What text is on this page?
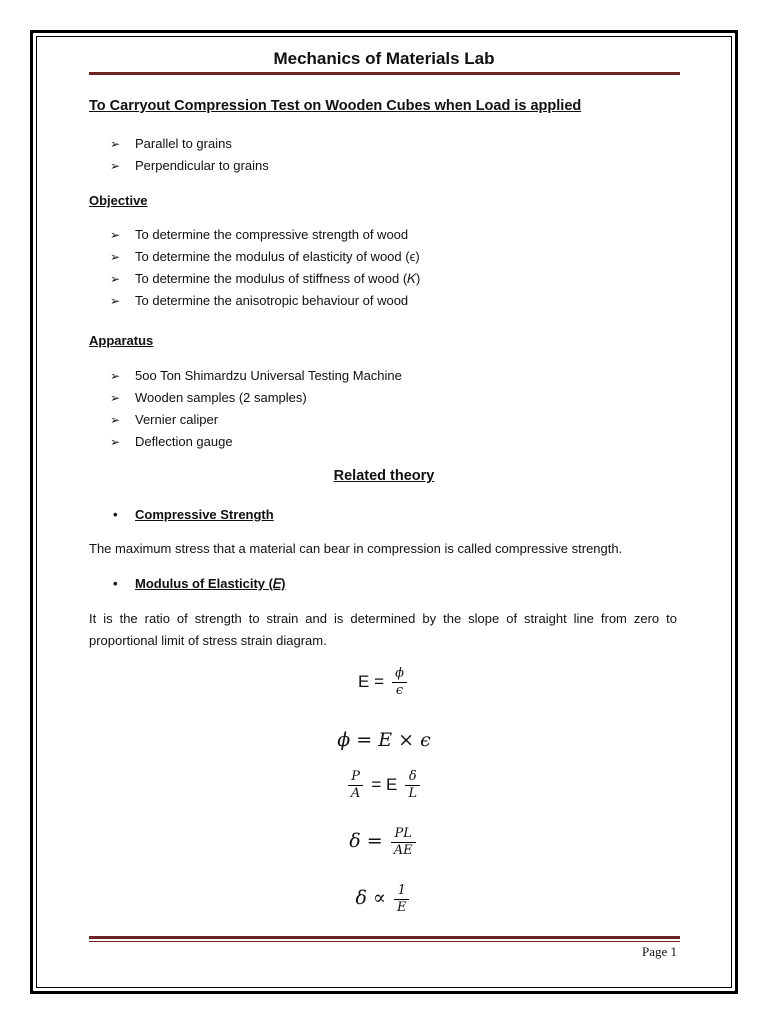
Mechanics of Materials Lab
To Carryout Compression Test on Wooden Cubes when Load is applied
➢ Parallel to grains
➢ Perpendicular to grains
Objective
➢ To determine the compressive strength of wood
➢ To determine the modulus of elasticity of wood (ϵ)
➢ To determine the modulus of stiffness of wood (𝐾)
➢ To determine the anisotropic behaviour of wood
Apparatus
➢ 5oo Ton Shimardzu Universal Testing Machine
➢ Wooden samples (2 samples)
➢ Vernier caliper
➢ Deflection gauge
Related theory
• Compressive Strength
The maximum stress that a material can bear in compression is called compressive strength.
• Modulus of Elasticity (𝐸)
It is the ratio of strength to strain and is determined by the slope of straight line from zero to proportional limit of stress strain diagram.
$E = \frac{\phi}{\epsilon}$
ϕ = E × ϵ
$\frac{P}{A} = E \frac{\delta}{L}$
$\delta = \frac{PL}{AE}$
$\delta \propto \frac{1}{E}$
Page 1
